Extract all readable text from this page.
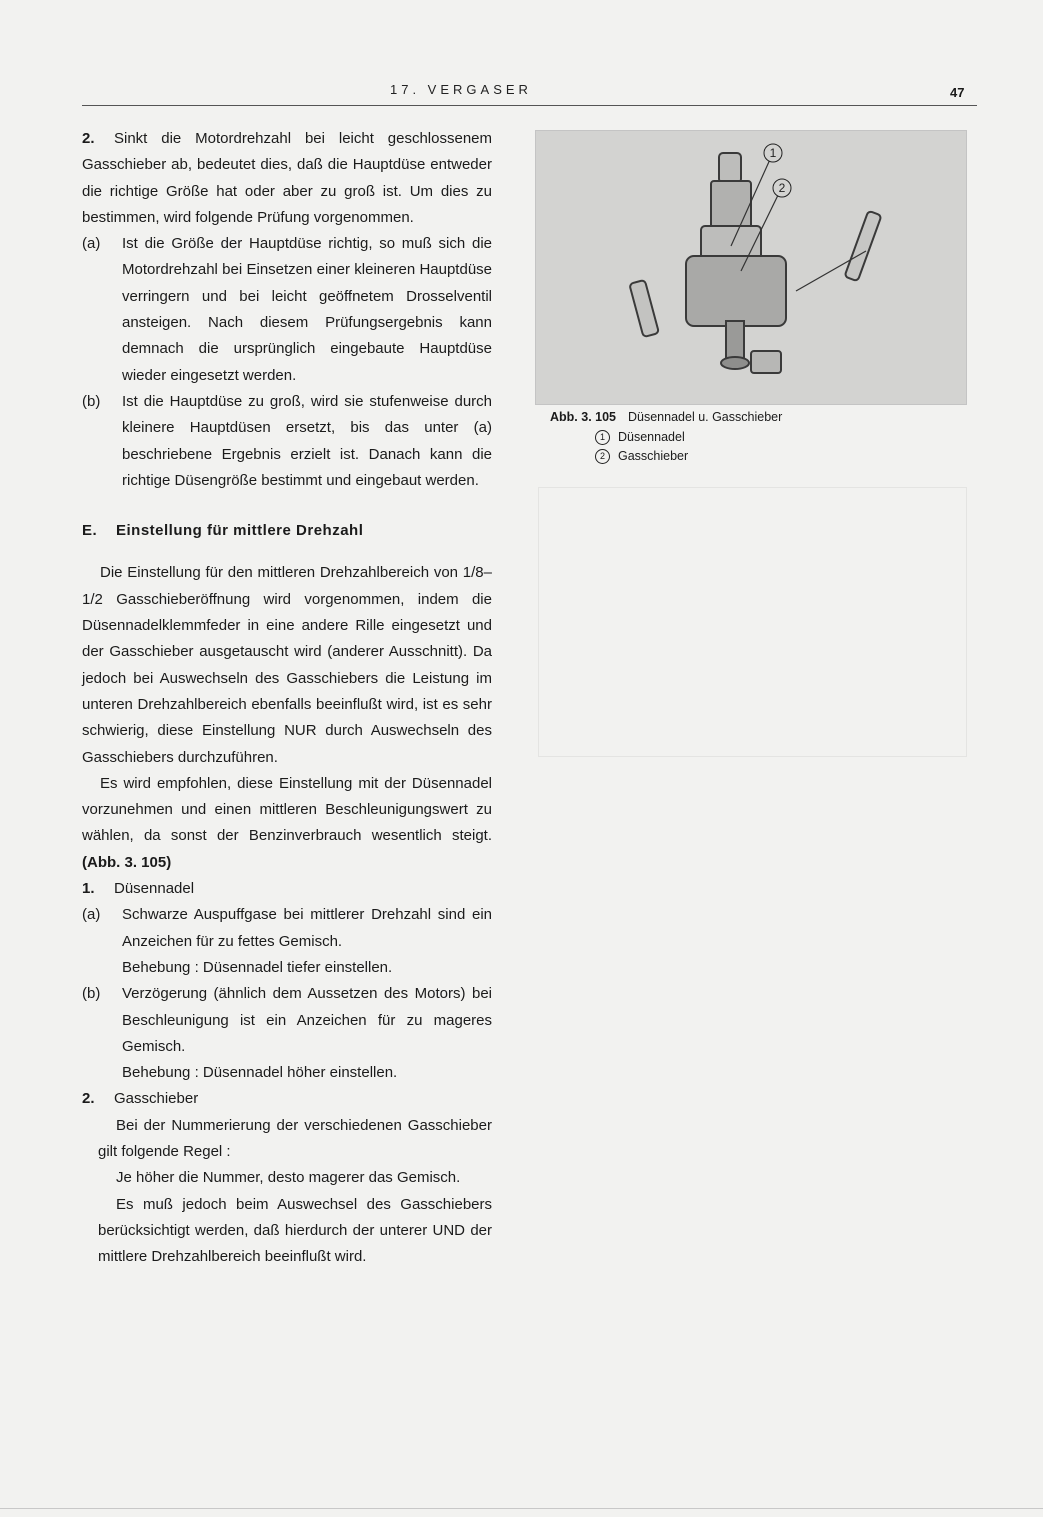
17. VERGASER	47

2. Sinkt die Motordrehzahl bei leicht geschlossenem Gasschieber ab, bedeutet dies, daß die Hauptdüse entweder die richtige Größe hat oder aber zu groß ist. Um dies zu bestimmen, wird folgende Prüfung vorgenommen.

(a) Ist die Größe der Hauptdüse richtig, so muß sich die Motordrehzahl bei Einsetzen einer kleineren Hauptdüse verringern und bei leicht geöffnetem Drosselventil ansteigen. Nach diesem Prüfungsergebnis kann demnach die ursprünglich eingebaute Hauptdüse wieder eingesetzt werden.

(b) Ist die Hauptdüse zu groß, wird sie stufenweise durch kleinere Hauptdüsen ersetzt, bis das unter (a) beschriebene Ergebnis erzielt ist. Danach kann die richtige Düsengröße bestimmt und eingebaut werden.

E. Einstellung für mittlere Drehzahl

Die Einstellung für den mittleren Drehzahlbereich von 1/8–1/2 Gasschieberöffnung wird vorgenommen, indem die Düsennadelklemmfeder in eine andere Rille eingesetzt und der Gasschieber ausgetauscht wird (anderer Ausschnitt). Da jedoch bei Auswechseln des Gasschiebers die Leistung im unteren Drehzahlbereich ebenfalls beeinflußt wird, ist es sehr schwierig, diese Einstellung NUR durch Auswechseln des Gasschiebers durchzuführen.

Es wird empfohlen, diese Einstellung mit der Düsennadel vorzunehmen und einen mittleren Beschleunigungswert zu wählen, da sonst der Benzinverbrauch wesentlich steigt. (Abb. 3. 105)

1. Düsennadel

(a) Schwarze Auspuffgase bei mittlerer Drehzahl sind ein Anzeichen für zu fettes Gemisch.

Behebung : Düsennadel tiefer einstellen.

(b) Verzögerung (ähnlich dem Aussetzen des Motors) bei Beschleunigung ist ein Anzeichen für zu mageres Gemisch.

Behebung : Düsennadel höher einstellen.

2. Gasschieber

Bei der Nummerierung der verschiedenen Gasschieber gilt folgende Regel :

Je höher die Nummer, desto magerer das Gemisch.

Es muß jedoch beim Auswechsel des Gasschiebers berücksichtigt werden, daß hierdurch der unterer UND der mittlere Drehzahlbereich beeinflußt wird.

1
2
Abb. 3. 105 Düsennadel u. Gasschieber
1 Düsennadel
2 Gasschieber
